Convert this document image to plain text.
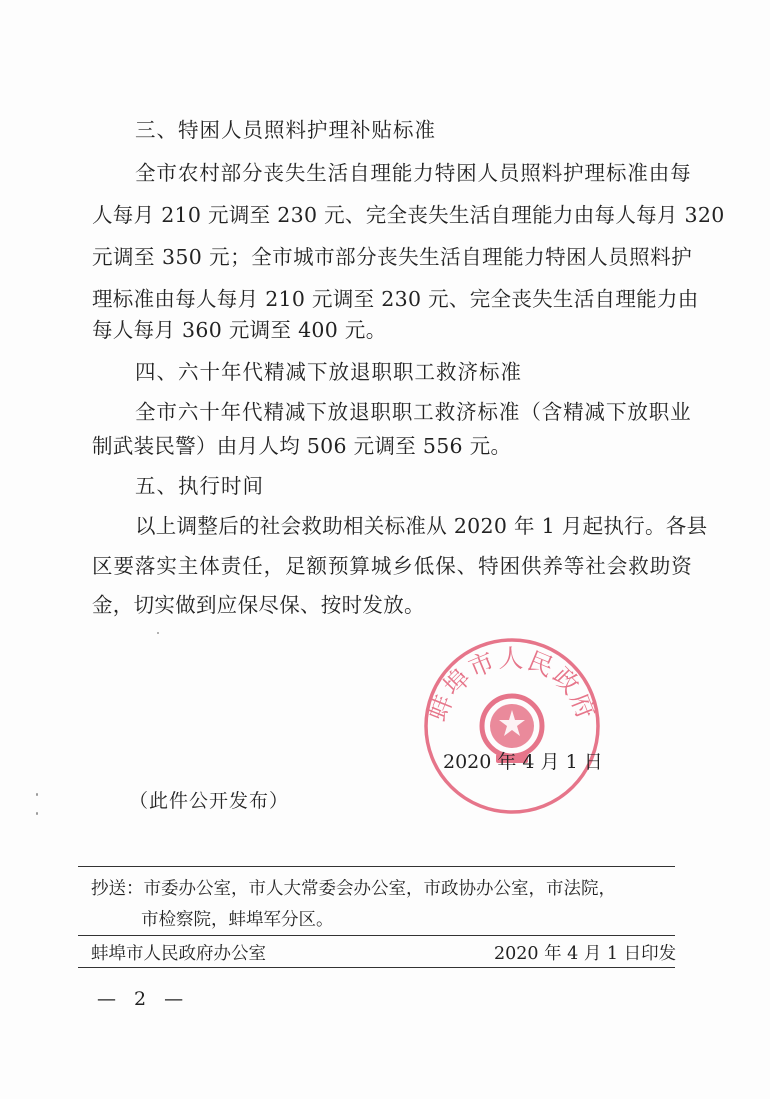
三、特困人员照料护理补贴标准
全市农村部分丧失生活自理能力特困人员照料护理标准由每
人每月 210 元调至 230 元、完全丧失生活自理能力由每人每月 320
元调至 350 元；全市城市部分丧失生活自理能力特困人员照料护
理标准由每人每月 210 元调至 230 元、完全丧失生活自理能力由
每人每月 360 元调至 400 元。
四、六十年代精减下放退职职工救济标准
全市六十年代精减下放退职职工救济标准（含精减下放职业
制武装民警）由月人均 506 元调至 556 元。
五、执行时间
以上调整后的社会救助相关标准从 2020 年 1 月起执行。各县
区要落实主体责任，足额预算城乡低保、特困供养等社会救助资
金，切实做到应保尽保、按时发放。
蚌埠市人民政府
2020 年 4 月 1 日
（此件公开发布）
抄送：市委办公室，市人大常委会办公室，市政协办公室，市法院，
市检察院，蚌埠军分区。
蚌埠市人民政府办公室	2020 年 4 月 1 日印发
— 2 —
